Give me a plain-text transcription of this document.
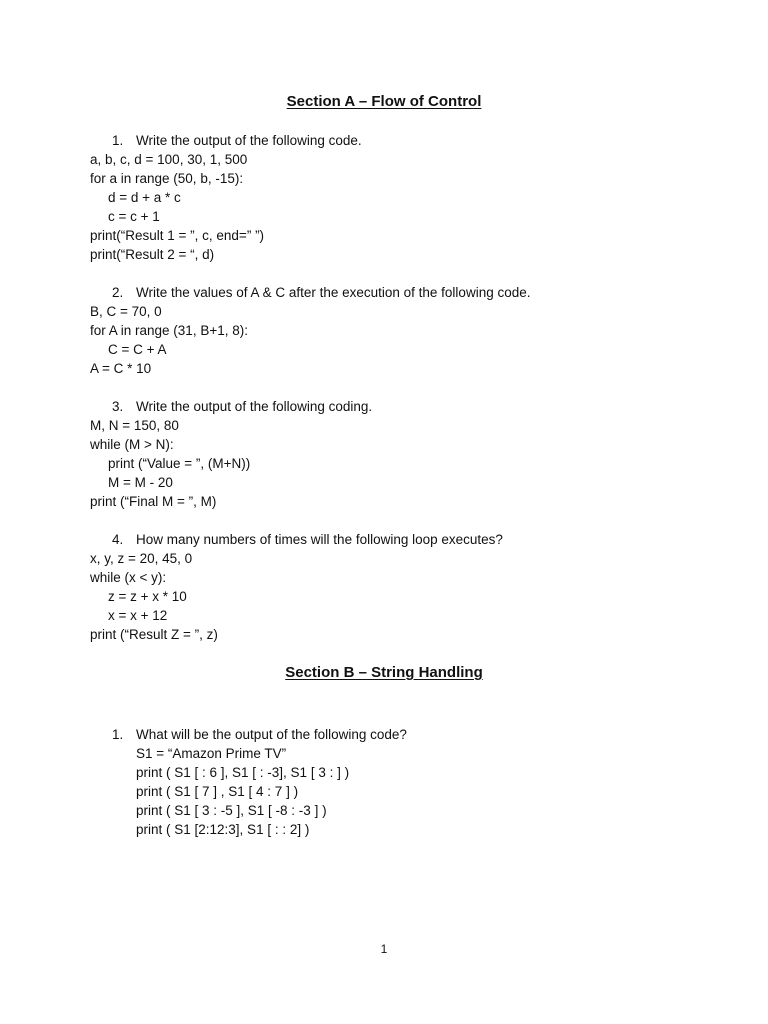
Section A – Flow of Control
1. Write the output of the following code.
a, b, c, d = 100, 30, 1, 500
for a in range (50, b, -15):
d = d + a * c
c = c + 1
print(“Result 1 = ”, c, end=” ”)
print(“Result 2 = “, d)
2. Write the values of A & C after the execution of the following code.
B, C = 70, 0
for A in range (31, B+1, 8):
C = C + A
A = C * 10
3. Write the output of the following coding.
M, N = 150, 80
while (M > N):
print (“Value = ”, (M+N))
M = M - 20
print (“Final M = ”, M)
4. How many numbers of times will the following loop executes?
x, y, z = 20, 45, 0
while (x < y):
z = z + x * 10
x = x + 12
print (“Result Z = ”, z)
Section B – String Handling
1. What will be the output of the following code?
S1 = “Amazon Prime TV”
print ( S1 [ : 6 ], S1 [ : -3], S1 [ 3 : ] )
print ( S1 [ 7 ] , S1 [ 4 : 7 ] )
print ( S1 [ 3 : -5 ], S1 [ -8 : -3 ] )
print ( S1 [2:12:3], S1 [ : : 2] )
1
